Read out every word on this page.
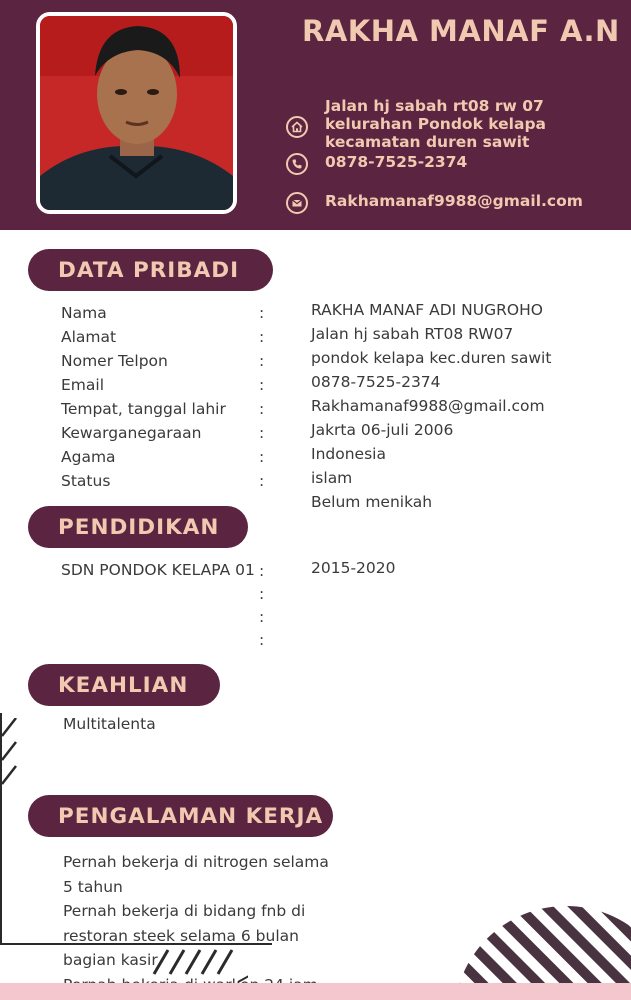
RAKHA MANAF A.N
Jalan hj sabah rt08 rw 07 kelurahan Pondok kelapa kecamatan duren sawit
0878-7525-2374
Rakhamanaf9988@gmail.com
DATA PRIBADI
Nama
Alamat
Nomer Telpon
Email
Tempat, tanggal lahir
Kewarganegaraan
Agama
Status
:
:
:
:
:
:
:
:
RAKHA MANAF ADI NUGROHO
Jalan hj sabah RT08 RW07
pondok kelapa kec.duren sawit
0878-7525-2374
Rakhamanaf9988@gmail.com
Jakrta 06-juli 2006
Indonesia
islam
Belum menikah
PENDIDIKAN
SDN PONDOK KELAPA 01 :
:
:
:
2015-2020
KEAHLIAN
Multitalenta
PENGALAMAN KERJA
Pernah bekerja di nitrogen selama
5 tahun
Pernah bekerja di bidang fnb di
restoran steek selama 6 bulan
bagian kasir
